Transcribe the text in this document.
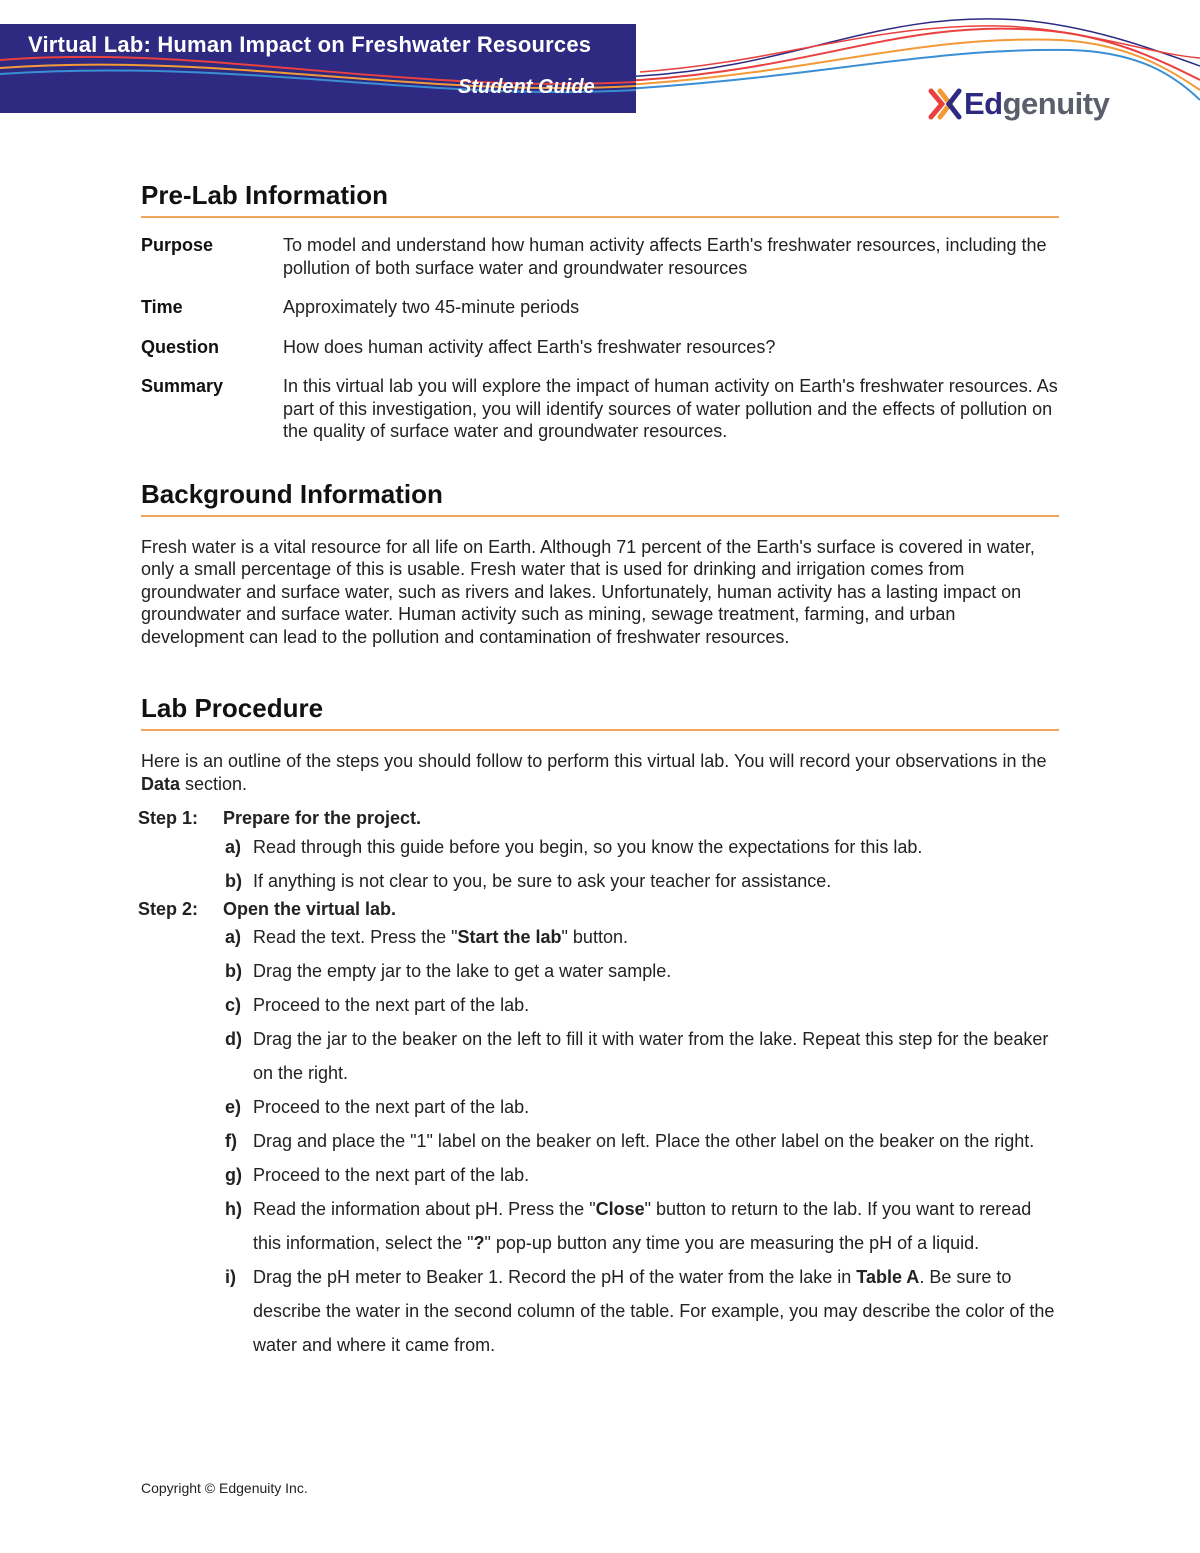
Virtual Lab: Human Impact on Freshwater Resources
Student Guide	Edgenuity
Pre-Lab Information
Purpose	To model and understand how human activity affects Earth's freshwater resources, including the pollution of both surface water and groundwater resources
Time	Approximately two 45-minute periods
Question	How does human activity affect Earth's freshwater resources?
Summary	In this virtual lab you will explore the impact of human activity on Earth's freshwater resources. As part of this investigation, you will identify sources of water pollution and the effects of pollution on the quality of surface water and groundwater resources.
Background Information

Fresh water is a vital resource for all life on Earth. Although 71 percent of the Earth's surface is covered in water, only a small percentage of this is usable. Fresh water that is used for drinking and irrigation comes from groundwater and surface water, such as rivers and lakes. Unfortunately, human activity has a lasting impact on groundwater and surface water. Human activity such as mining, sewage treatment, farming, and urban development can lead to the pollution and contamination of freshwater resources.

Lab Procedure

Here is an outline of the steps you should follow to perform this virtual lab. You will record your observations in the Data section.

Step 1:	Prepare for the project.
a) Read through this guide before you begin, so you know the expectations for this lab.
b) If anything is not clear to you, be sure to ask your teacher for assistance.
Step 2:	Open the virtual lab.
a) Read the text. Press the "Start the lab" button.
b) Drag the empty jar to the lake to get a water sample.
c) Proceed to the next part of the lab.
d) Drag the jar to the beaker on the left to fill it with water from the lake. Repeat this step for the beaker on the right.
e) Proceed to the next part of the lab.
f) Drag and place the "1" label on the beaker on left. Place the other label on the beaker on the right.
g) Proceed to the next part of the lab.
h) Read the information about pH. Press the "Close" button to return to the lab. If you want to reread this information, select the "?" pop-up button any time you are measuring the pH of a liquid.
i) Drag the pH meter to Beaker 1. Record the pH of the water from the lake in Table A. Be sure to describe the water in the second column of the table. For example, you may describe the color of the water and where it came from.
Copyright © Edgenuity Inc.
